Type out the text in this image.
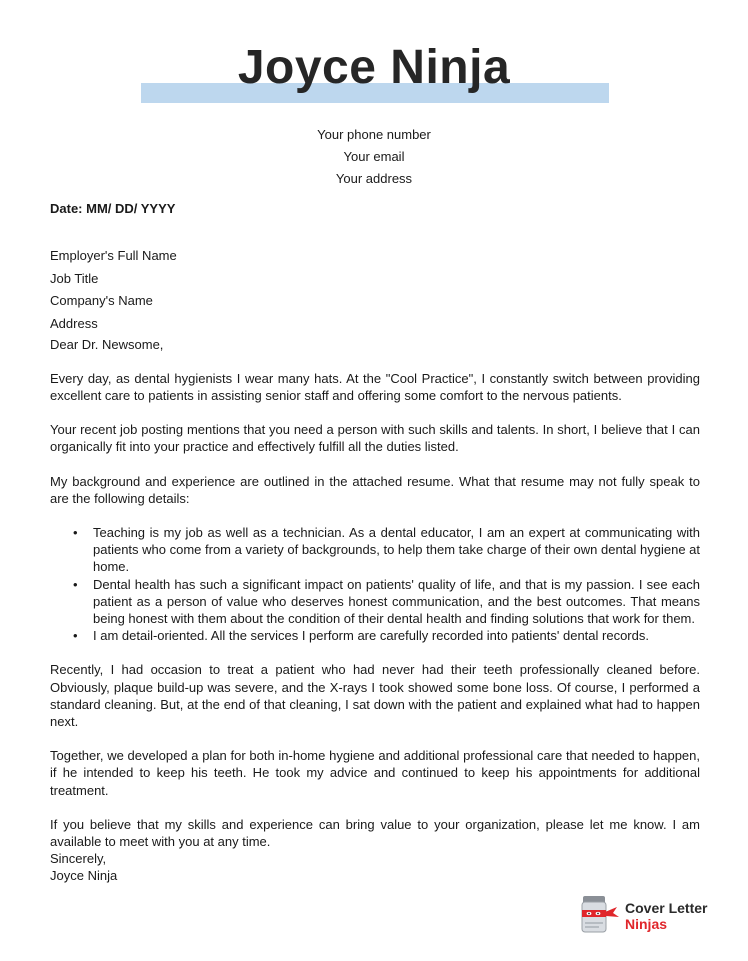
Joyce Ninja
Your phone number
Your email
Your address

Date: MM/ DD/ YYYY

Employer's Full Name
Job Title
Company's Name
Address

Dear Dr. Newsome,

Every day, as dental hygienists I wear many hats. At the "Cool Practice", I constantly switch between providing excellent care to patients in assisting senior staff and offering some comfort to the nervous patients.

Your recent job posting mentions that you need a person with such skills and talents. In short, I believe that I can organically fit into your practice and effectively fulfill all the duties listed.

My background and experience are outlined in the attached resume. What that resume may not fully speak to are the following details:

• Teaching is my job as well as a technician. As a dental educator, I am an expert at communicating with patients who come from a variety of backgrounds, to help them take charge of their own dental hygiene at home.
• Dental health has such a significant impact on patients' quality of life, and that is my passion. I see each patient as a person of value who deserves honest communication, and the best outcomes. That means being honest with them about the condition of their dental health and finding solutions that work for them.
• I am detail-oriented. All the services I perform are carefully recorded into patients' dental records.

Recently, I had occasion to treat a patient who had never had their teeth professionally cleaned before. Obviously, plaque build-up was severe, and the X-rays I took showed some bone loss. Of course, I performed a standard cleaning. But, at the end of that cleaning, I sat down with the patient and explained what had to happen next.

Together, we developed a plan for both in-home hygiene and additional professional care that needed to happen, if he intended to keep his teeth. He took my advice and continued to keep his appointments for additional treatment.

If you believe that my skills and experience can bring value to your organization, please let me know. I am available to meet with you at any time.

Sincerely,

Joyce Ninja

Cover Letter
Ninjas
